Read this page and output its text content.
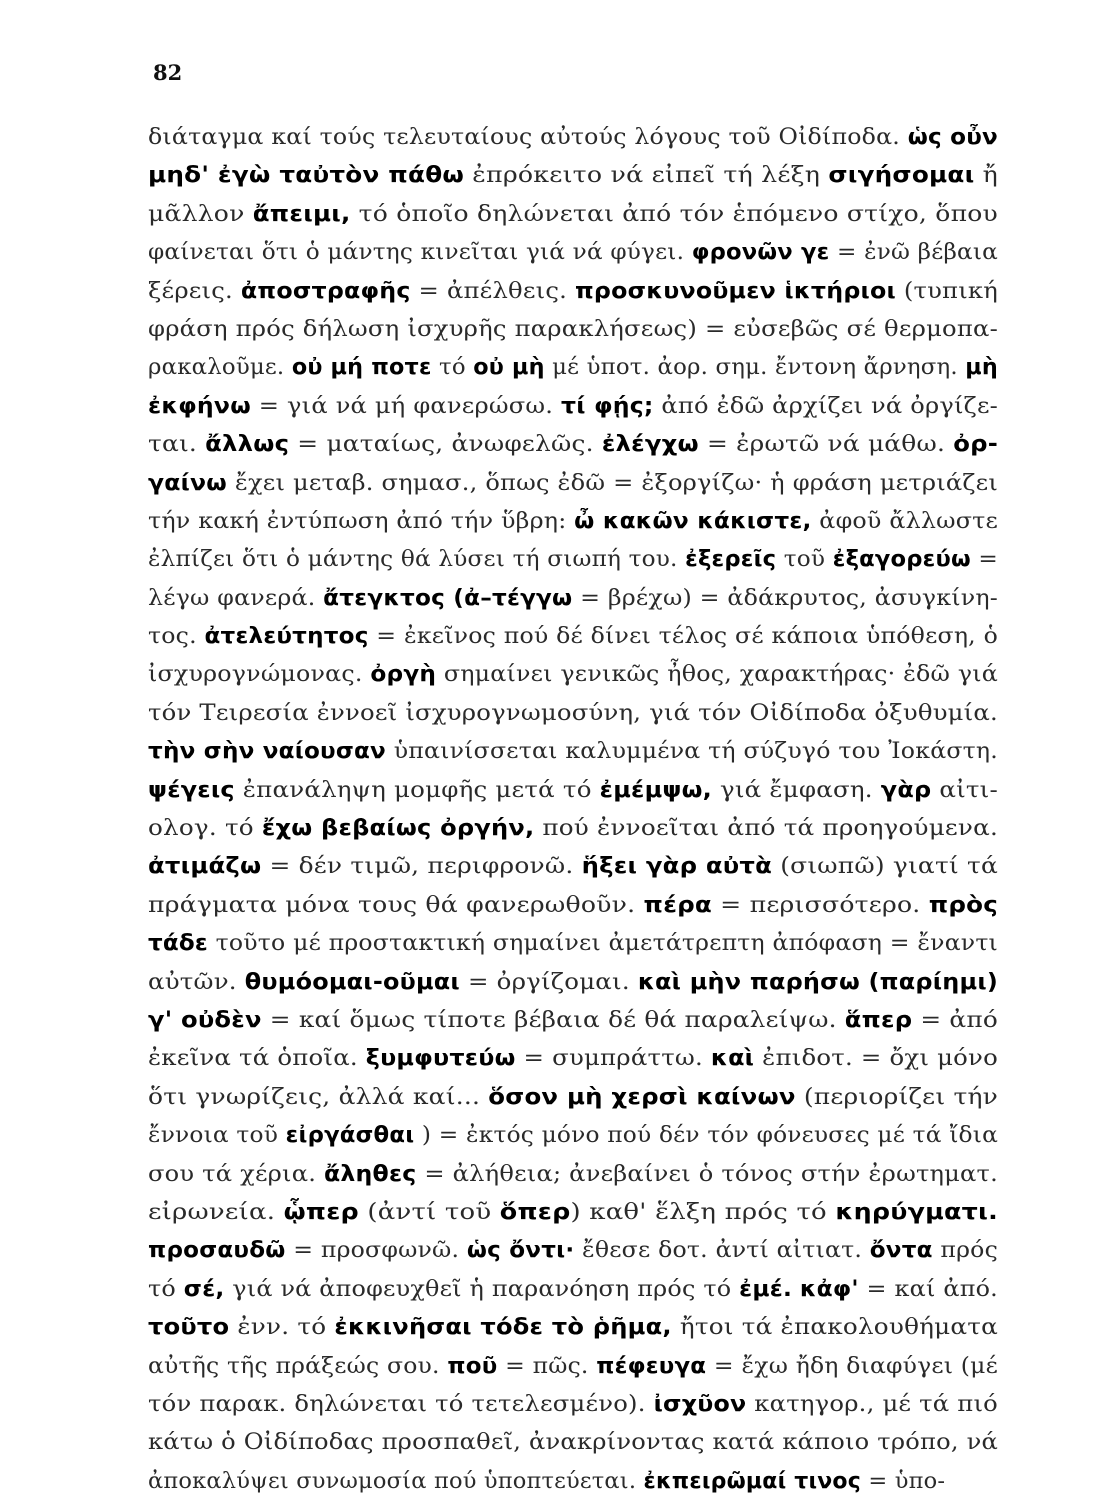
82
διάταγμα καί τούς τελευταίους αὐτούς λόγους τοῦ Οἰδίποδα. ὡς οὖν
μηδ' ἐγὼ ταὐτὸν πάθω ἐπρόκειτο νά εἰπεῖ τή λέξη σιγήσομαι ἤ
μᾶλλον ἄπειμι, τό ὁποῖο δηλώνεται ἀπό τόν ἑπόμενο στίχο, ὅπου
φαίνεται ὅτι ὁ μάντης κινεῖται γιά νά φύγει. φρονῶν γε = ἐνῶ βέβαια
ξέρεις. ἀποστραφῆς = ἀπέλθεις. προσκυνοῦμεν ἱκτήριοι (τυπική
φράση πρός δήλωση ἰσχυρῆς παρακλήσεως) = εὐσεβῶς σέ θερμοπα-
ρακαλοῦμε. οὐ μή ποτε τό οὐ μὴ μέ ὑποτ. ἀορ. σημ. ἔντονη ἄρνηση. μὴ
ἐκφήνω = γιά νά μή φανερώσω. τί φῄς; ἀπό ἐδῶ ἀρχίζει νά ὀργίζε-
ται. ἄλλως = ματαίως, ἀνωφελῶς. ἐλέγχω = ἐρωτῶ νά μάθω. ὀρ-
γαίνω ἔχει μεταβ. σημασ., ὅπως ἐδῶ = ἐξοργίζω· ἡ φράση μετριάζει
τήν κακή ἐντύπωση ἀπό τήν ὕβρη: ὦ κακῶν κάκιστε, ἀφοῦ ἄλλωστε
ἐλπίζει ὅτι ὁ μάντης θά λύσει τή σιωπή του. ἐξερεῖς τοῦ ἐξαγορεύω =
λέγω φανερά. ἄτεγκτος (ἀ–τέγγω = βρέχω) = ἀδάκρυτος, ἀσυγκίνη-
τος. ἀτελεύτητος = ἐκεῖνος πού δέ δίνει τέλος σέ κάποια ὑπόθεση, ὁ
ἰσχυρογνώμονας. ὀργὴ σημαίνει γενικῶς ἦθος, χαρακτήρας· ἐδῶ γιά
τόν Τειρεσία ἐννοεῖ ἰσχυρογνωμοσύνη, γιά τόν Οἰδίποδα ὀξυθυμία.
τὴν σὴν ναίουσαν ὑπαινίσσεται καλυμμένα τή σύζυγό του Ἰοκάστη.
ψέγεις ἐπανάληψη μομφῆς μετά τό ἐμέμψω, γιά ἔμφαση. γὰρ αἰτι-
ολογ. τό ἔχω βεβαίως ὀργήν, πού ἐννοεῖται ἀπό τά προηγούμενα.
ἀτιμάζω = δέν τιμῶ, περιφρονῶ. ἥξει γὰρ αὐτὰ (σιωπῶ) γιατί τά
πράγματα μόνα τους θά φανερωθοῦν. πέρα = περισσότερο. πρὸς
τάδε τοῦτο μέ προστακτική σημαίνει ἀμετάτρεπτη ἀπόφαση = ἔναντι
αὐτῶν. θυμόομαι-οῦμαι = ὀργίζομαι. καὶ μὴν παρήσω (παρίημι)
γ' οὐδὲν = καί ὅμως τίποτε βέβαια δέ θά παραλείψω. ἅπερ = ἀπό
ἐκεῖνα τά ὁποῖα. ξυμφυτεύω = συμπράττω. καὶ ἐπιδοτ. = ὄχι μόνο
ὅτι γνωρίζεις, ἀλλά καί... ὅσον μὴ χερσὶ καίνων (περιορίζει τήν
ἔννοια τοῦ εἰργάσθαι ) = ἐκτός μόνο πού δέν τόν φόνευσες μέ τά ἴδια
σου τά χέρια. ἄληθες = ἀλήθεια; ἀνεβαίνει ὁ τόνος στήν ἐρωτηματ.
εἰρωνεία. ᾧπερ (ἀντί τοῦ ὅπερ) καθ' ἕλξη πρός τό κηρύγματι.
προσαυδῶ = προσφωνῶ. ὡς ὄντι· ἔθεσε δοτ. ἀντί αἰτιατ. ὄντα πρός
τό σέ, γιά νά ἀποφευχθεῖ ἡ παρανόηση πρός τό ἐμέ. κἀφ' = καί ἀπό.
τοῦτο ἐνν. τό ἐκκινῆσαι τόδε τὸ ῥῆμα, ἤτοι τά ἐπακολουθήματα
αὐτῆς τῆς πράξεώς σου. ποῦ = πῶς. πέφευγα = ἔχω ἤδη διαφύγει (μέ
τόν παρακ. δηλώνεται τό τετελεσμένο). ἰσχῦον κατηγορ., μέ τά πιό
κάτω ὁ Οἰδίποδας προσπαθεῖ, ἀνακρίνοντας κατά κάποιο τρόπο, νά
ἀποκαλύψει συνωμοσία πού ὑποπτεύεται. ἐκπειρῶμαί τινος = ὑπο-
